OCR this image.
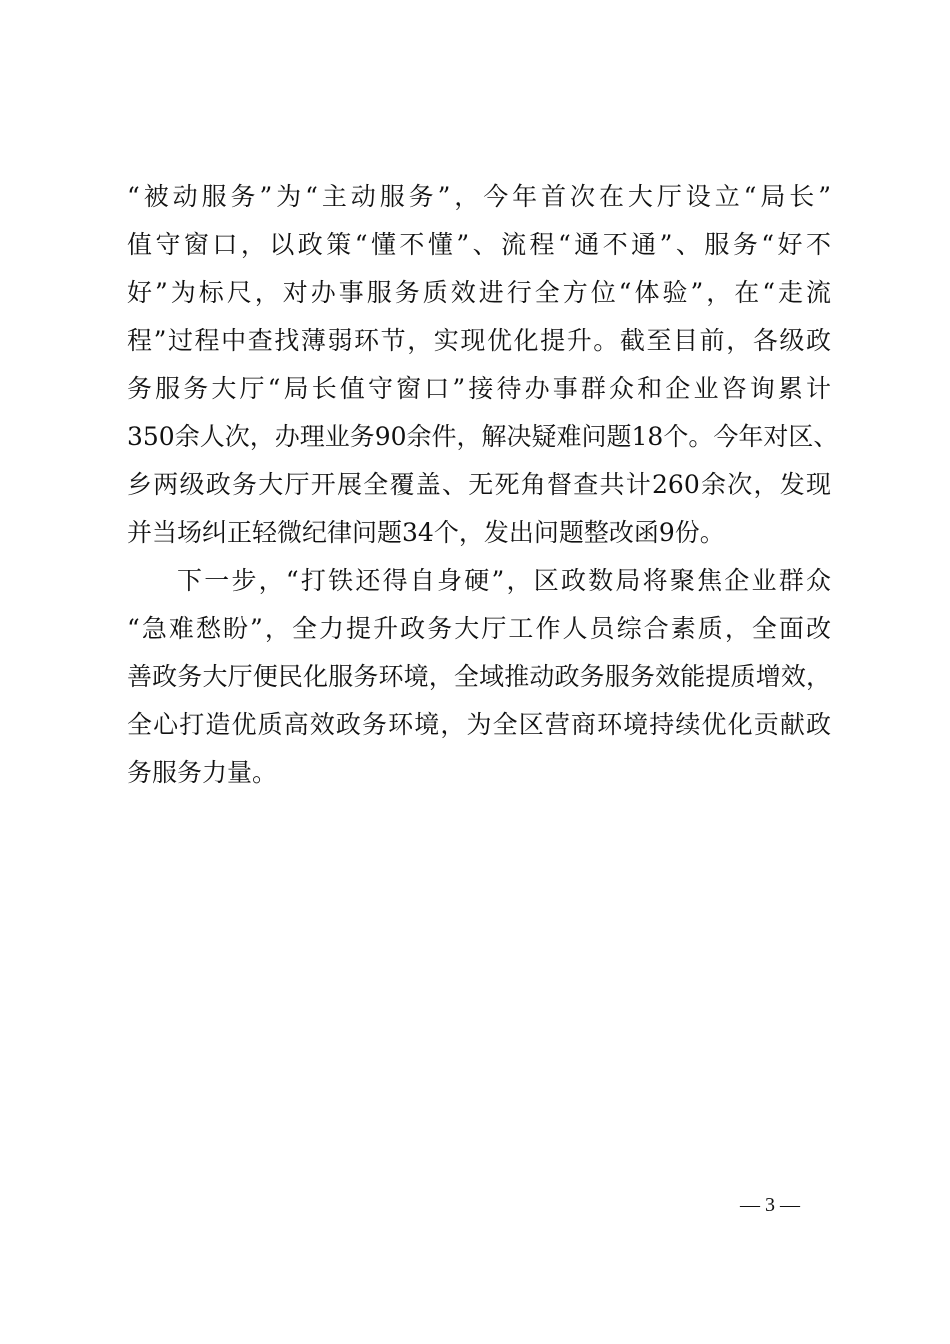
“被动服务”为“主动服务”，今年首次在大厅设立“局长”
值守窗口，以政策“懂不懂”、流程“通不通”、服务“好不
好”为标尺，对办事服务质效进行全方位“体验”，在“走流
程”过程中查找薄弱环节，实现优化提升。截至目前，各级政
务服务大厅“局长值守窗口”接待办事群众和企业咨询累计
350余人次，办理业务90余件，解决疑难问题18个。今年对区、
乡两级政务大厅开展全覆盖、无死角督查共计260余次，发现
并当场纠正轻微纪律问题34个，发出问题整改函9份。
下一步，“打铁还得自身硬”，区政数局将聚焦企业群众
“急难愁盼”，全力提升政务大厅工作人员综合素质，全面改
善政务大厅便民化服务环境，全域推动政务服务效能提质增效，
全心打造优质高效政务环境，为全区营商环境持续优化贡献政
务服务力量。
— 3 —
